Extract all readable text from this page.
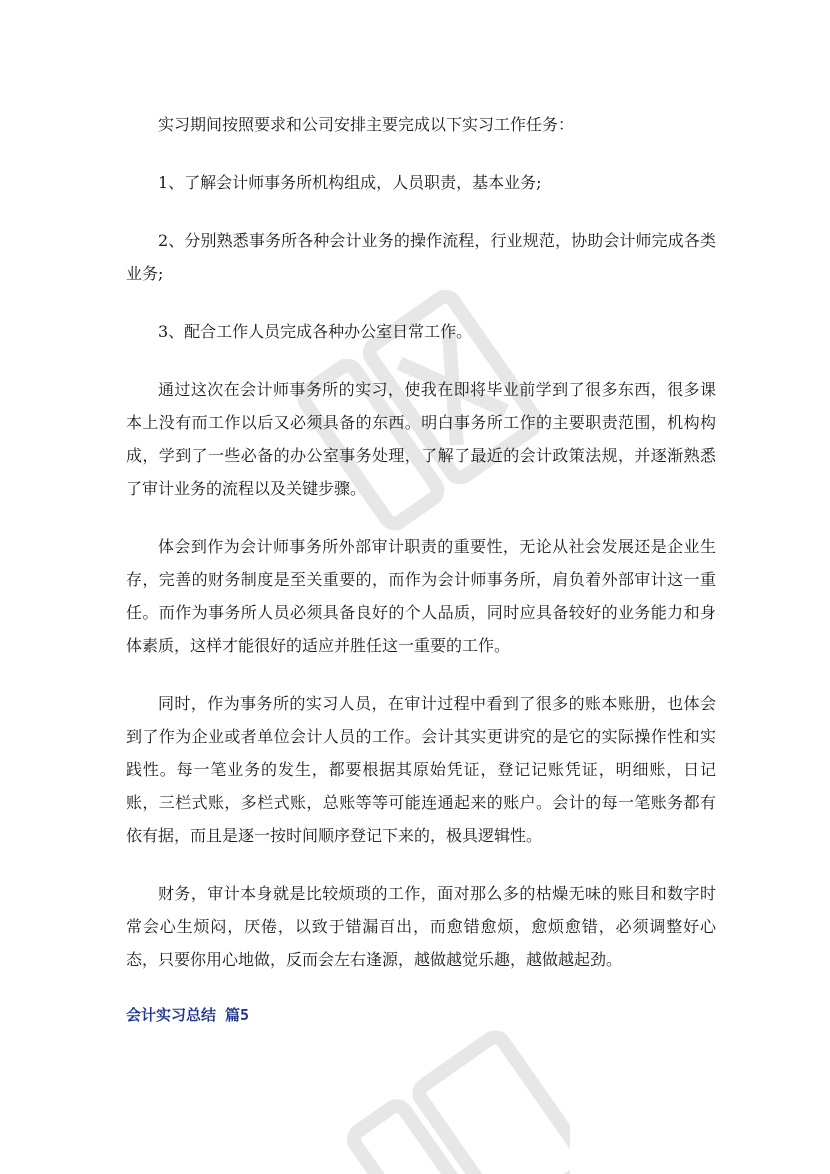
实习期间按照要求和公司安排主要完成以下实习工作任务：

1、了解会计师事务所机构组成，人员职责，基本业务;

2、分别熟悉事务所各种会计业务的操作流程，行业规范，协助会计师完成各类业务;

3、配合工作人员完成各种办公室日常工作。

通过这次在会计师事务所的实习，使我在即将毕业前学到了很多东西，很多课本上没有而工作以后又必须具备的东西。明白事务所工作的主要职责范围，机构构成，学到了一些必备的办公室事务处理，了解了最近的会计政策法规，并逐渐熟悉了审计业务的流程以及关键步骤。

体会到作为会计师事务所外部审计职责的重要性，无论从社会发展还是企业生存，完善的财务制度是至关重要的，而作为会计师事务所，肩负着外部审计这一重任。而作为事务所人员必须具备良好的个人品质，同时应具备较好的业务能力和身体素质，这样才能很好的适应并胜任这一重要的工作。

同时，作为事务所的实习人员，在审计过程中看到了很多的账本账册，也体会到了作为企业或者单位会计人员的工作。会计其实更讲究的是它的实际操作性和实践性。每一笔业务的发生，都要根据其原始凭证，登记记账凭证，明细账，日记账，三栏式账，多栏式账，总账等等可能连通起来的账户。会计的每一笔账务都有依有据，而且是逐一按时间顺序登记下来的，极具逻辑性。

财务，审计本身就是比较烦琐的工作，面对那么多的枯燥无味的账目和数字时常会心生烦闷，厌倦，以致于错漏百出，而愈错愈烦，愈烦愈错，必须调整好心态，只要你用心地做，反而会左右逢源，越做越觉乐趣，越做越起劲。

会计实习总结 篇5
